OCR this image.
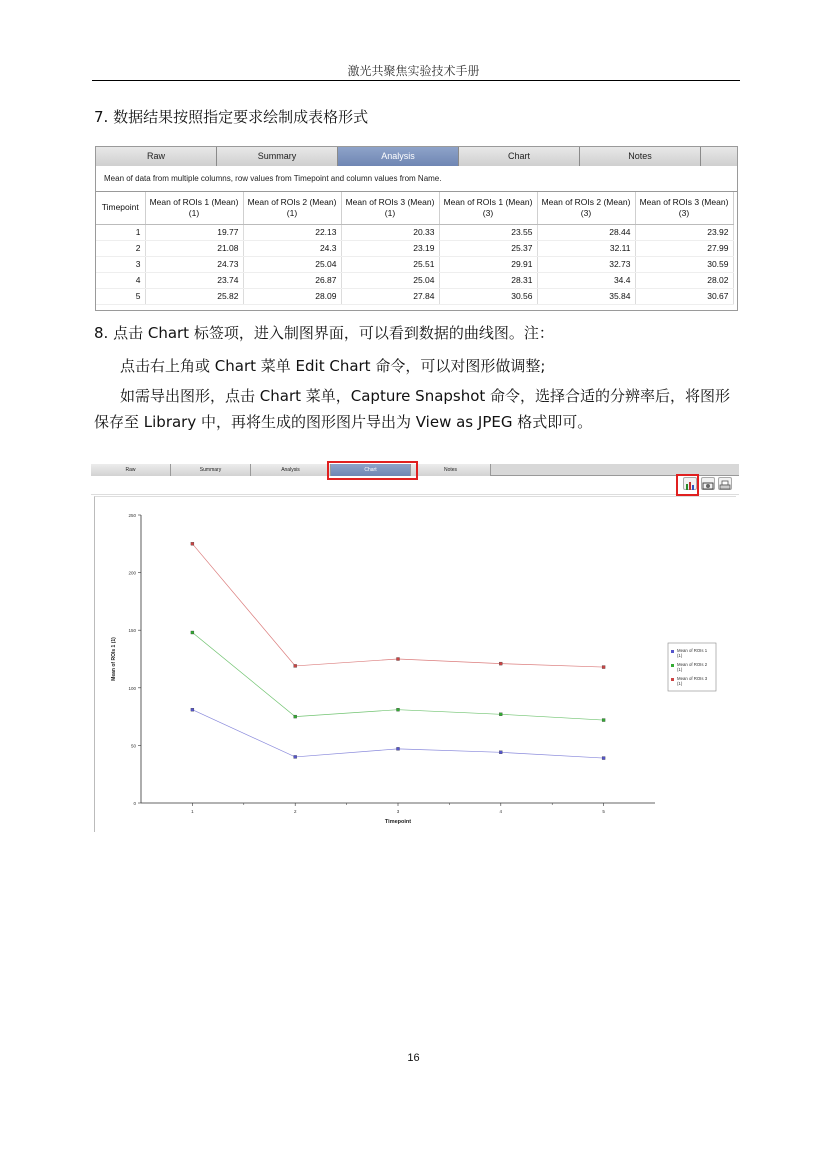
激光共聚焦实验技术手册
7. 数据结果按照指定要求绘制成表格形式
Raw	Summary	Analysis	Chart	Notes
Mean of data from multiple columns, row values from Timepoint and column values from Name.
Timepoint	Mean of ROIs 1 (Mean) (1)	Mean of ROIs 2 (Mean) (1)	Mean of ROIs 3 (Mean) (1)	Mean of ROIs 1 (Mean) (3)	Mean of ROIs 2 (Mean) (3)	Mean of ROIs 3 (Mean) (3)
1	19.77	22.13	20.33	23.55	28.44	23.92
2	21.08	24.3	23.19	25.37	32.11	27.99
3	24.73	25.04	25.51	29.91	32.73	30.59
4	23.74	26.87	25.04	28.31	34.4	28.02
5	25.82	28.09	27.84	30.56	35.84	30.67
8. 点击 Chart 标签项，进入制图界面，可以看到数据的曲线图。注：
点击右上角或 Chart 菜单 Edit Chart 命令，可以对图形做调整;
如需导出图形，点击 Chart 菜单，Capture Snapshot 命令，选择合适的分辨率后，将图形保存至 Library 中，再将生成的图形图片导出为 View as JPEG 格式即可。
Raw	Summary	Analysis	Chart	Notes
0
50
100
150
200
250
1	2	3	4	5
Timepoint
Mean of ROIs 1 (1)	Mean of ROIs 1 (1)
Mean of ROIs 2 (1)
Mean of ROIs 3 (1)
16
